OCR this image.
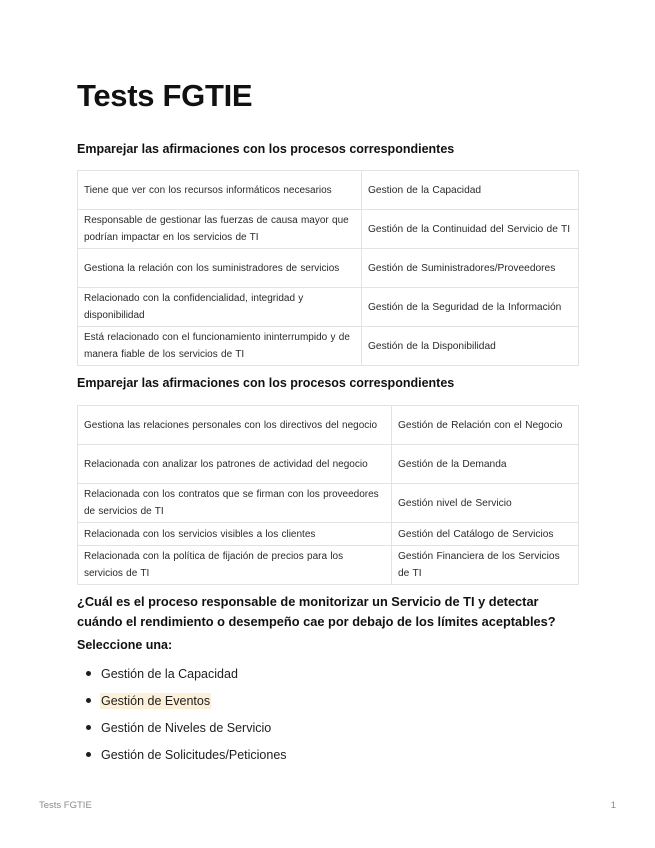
Tests FGTIE
Emparejar las afirmaciones con los procesos correspondientes
Tiene que ver con los recursos informáticos necesarios	Gestion de la Capacidad
Responsable de gestionar las fuerzas de causa mayor que podrían impactar en los servicios de TI	Gestión de la Continuidad del Servicio de TI
Gestiona la relación con los suministradores de servicios	Gestión de Suministradores/Proveedores
Relacionado con la confidencialidad, integridad y disponibilidad	Gestión de la Seguridad de la Información
Está relacionado con el funcionamiento ininterrumpido y de manera fiable de los servicios de TI	Gestión de la Disponibilidad
Emparejar las afirmaciones con los procesos correspondientes
Gestiona las relaciones personales con los directivos del negocio	Gestión de Relación con el Negocio
Relacionada con analizar los patrones de actividad del negocio	Gestión de la Demanda
Relacionada con los contratos que se firman con los proveedores de servicios de TI	Gestión nivel de Servicio
Relacionada con los servicios visibles a los clientes	Gestión del Catálogo de Servicios
Relacionada con la política de fijación de precios para los servicios de TI	Gestión Financiera de los Servicios de TI

¿Cuál es el proceso responsable de monitorizar un Servicio de TI y detectar cuándo el rendimiento o desempeño cae por debajo de los límites aceptables?

Seleccione una:

Gestión de la Capacidad
Gestión de Eventos
Gestión de Niveles de Servicio
Gestión de Solicitudes/Peticiones
Tests FGTIE	1
